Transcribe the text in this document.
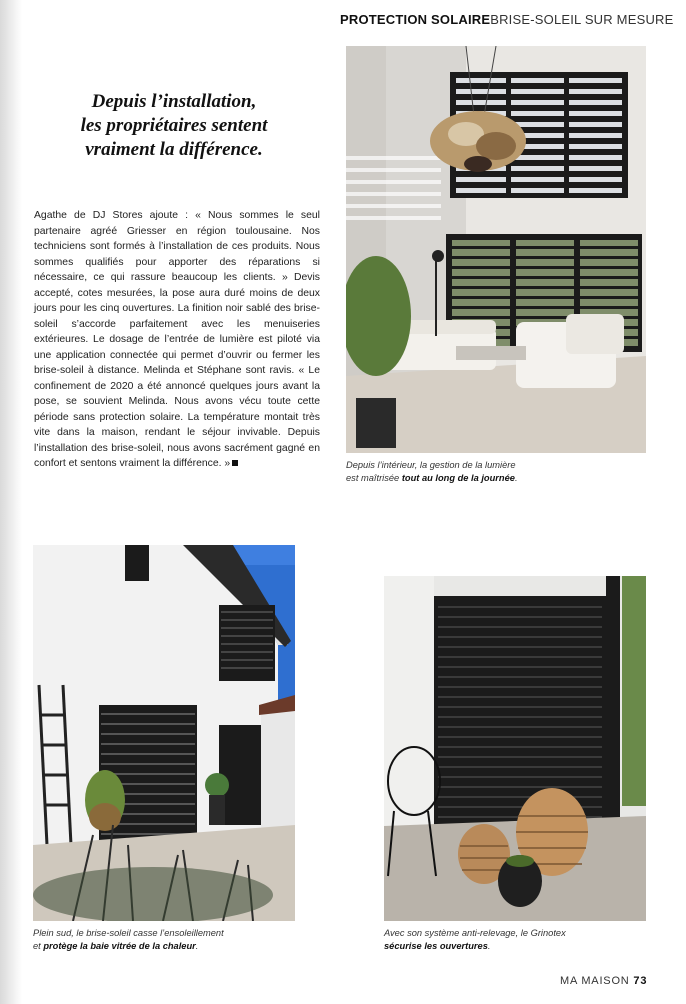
PROTECTION SOLAIREBRISE-SOLEIL SUR MESURE
Depuis l’intérieur, la gestion de la lumière
est maîtrisée tout au long de la journée.
Depuis l’installation,
les propriétaires sentent
vraiment la différence.
Agathe de DJ Stores ajoute : « Nous sommes le seul partenaire agréé Griesser en région toulousaine. Nos techniciens sont formés à l’installation de ces produits. Nous sommes qualifiés pour apporter des réparations si nécessaire, ce qui rassure beaucoup les clients. » Devis accepté, cotes mesurées, la pose aura duré moins de deux jours pour les cinq ouvertures. La finition noir sablé des brise-soleil s’accorde parfaitement avec les menuiseries extérieures. Le dosage de l’entrée de lumière est piloté via une application connectée qui permet d’ouvrir ou fermer les brise-soleil à distance. Melinda et Stéphane sont ravis. « Le confinement de 2020 a été annoncé quelques jours avant la pose, se souvient Melinda. Nous avons vécu toute cette période sans protection solaire. La température montait très vite dans la maison, rendant le séjour invivable. Depuis l’installation des brise-soleil, nous avons sacrément gagné en confort et sentons vraiment la différence. »
Plein sud, le brise-soleil casse l’ensoleillement
et protège la baie vitrée de la chaleur.
Avec son système anti-relevage, le Grinotex
sécurise les ouvertures.
MA MAISON 73
